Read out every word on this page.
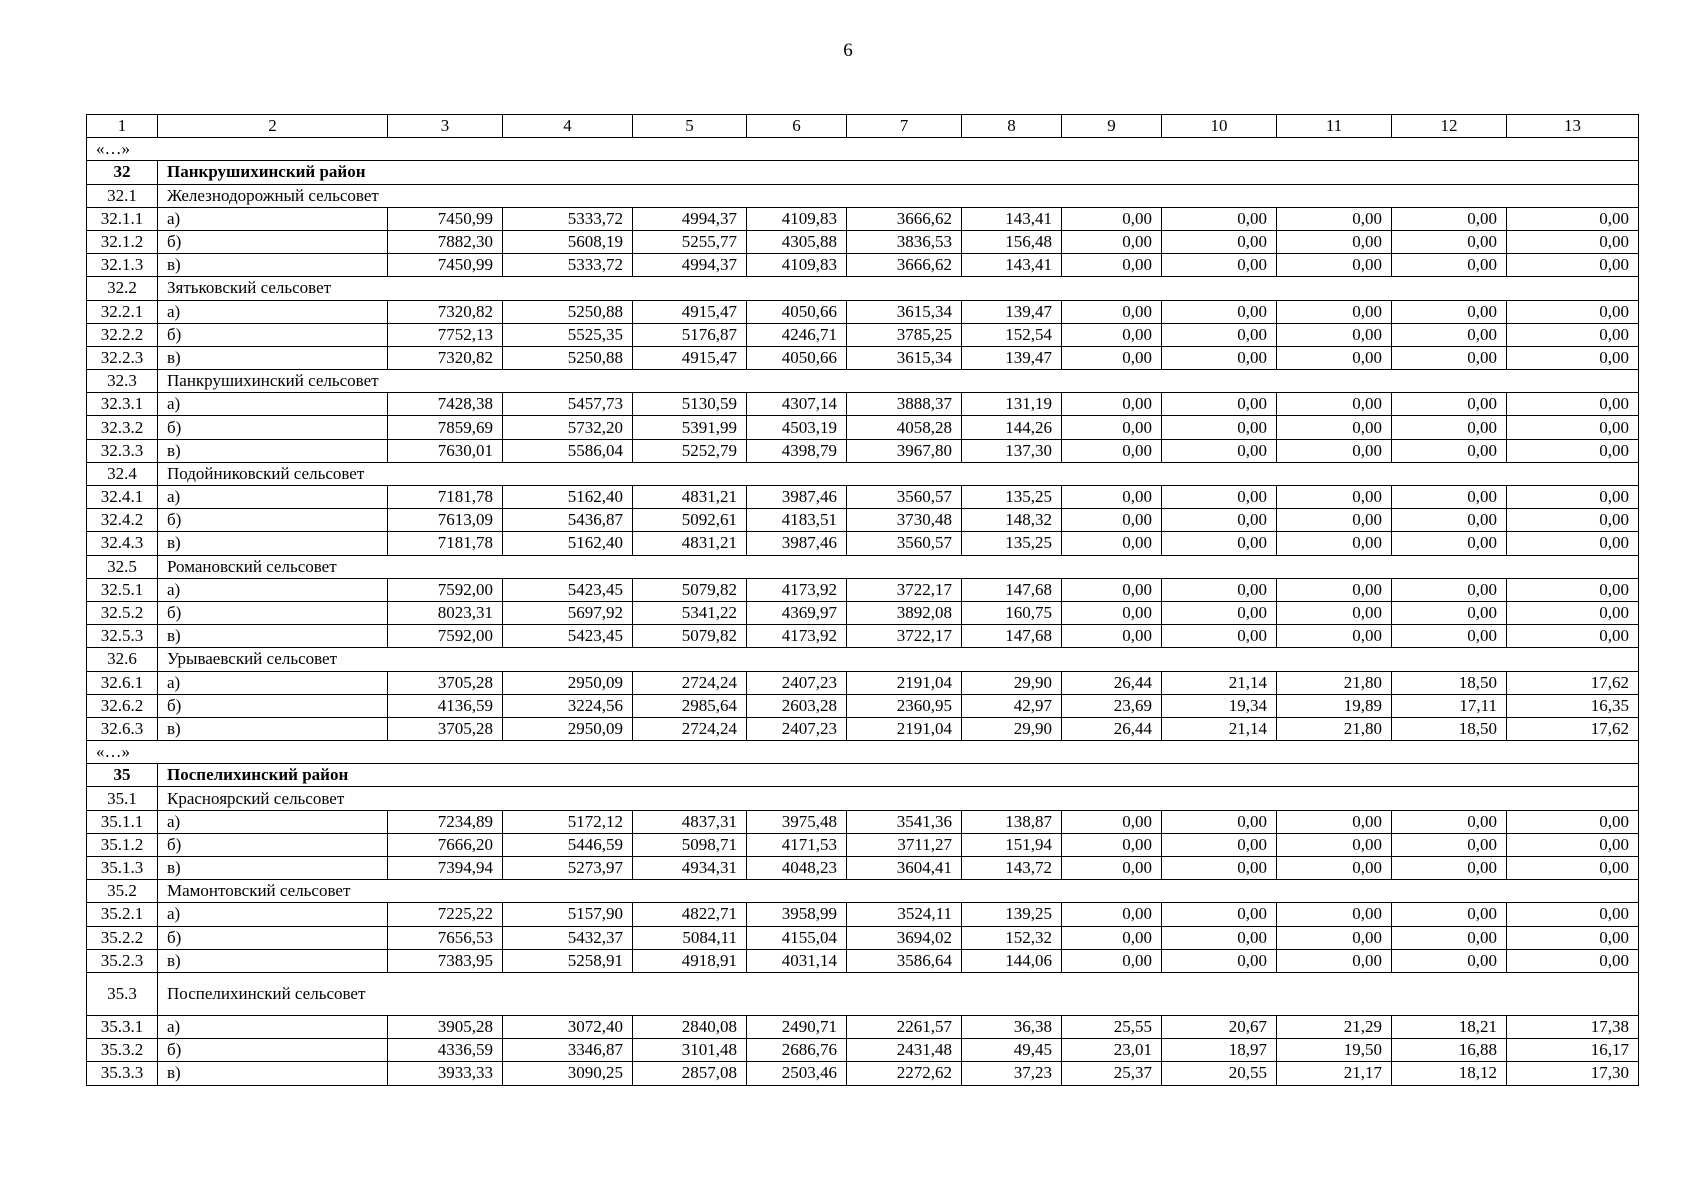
6
1	2	3	4	5	6	7	8	9	10	11	12	13
«…»												
32	Панкрушихинский район											
32.1	Железнодорожный сельсовет											
32.1.1	а)	7450,99	5333,72	4994,37	4109,83	3666,62	143,41	0,00	0,00	0,00	0,00	0,00
32.1.2	б)	7882,30	5608,19	5255,77	4305,88	3836,53	156,48	0,00	0,00	0,00	0,00	0,00
32.1.3	в)	7450,99	5333,72	4994,37	4109,83	3666,62	143,41	0,00	0,00	0,00	0,00	0,00
32.2	Зятьковский сельсовет											
32.2.1	а)	7320,82	5250,88	4915,47	4050,66	3615,34	139,47	0,00	0,00	0,00	0,00	0,00
32.2.2	б)	7752,13	5525,35	5176,87	4246,71	3785,25	152,54	0,00	0,00	0,00	0,00	0,00
32.2.3	в)	7320,82	5250,88	4915,47	4050,66	3615,34	139,47	0,00	0,00	0,00	0,00	0,00
32.3	Панкрушихинский сельсовет											
32.3.1	а)	7428,38	5457,73	5130,59	4307,14	3888,37	131,19	0,00	0,00	0,00	0,00	0,00
32.3.2	б)	7859,69	5732,20	5391,99	4503,19	4058,28	144,26	0,00	0,00	0,00	0,00	0,00
32.3.3	в)	7630,01	5586,04	5252,79	4398,79	3967,80	137,30	0,00	0,00	0,00	0,00	0,00
32.4	Подойниковский сельсовет											
32.4.1	а)	7181,78	5162,40	4831,21	3987,46	3560,57	135,25	0,00	0,00	0,00	0,00	0,00
32.4.2	б)	7613,09	5436,87	5092,61	4183,51	3730,48	148,32	0,00	0,00	0,00	0,00	0,00
32.4.3	в)	7181,78	5162,40	4831,21	3987,46	3560,57	135,25	0,00	0,00	0,00	0,00	0,00
32.5	Романовский сельсовет											
32.5.1	а)	7592,00	5423,45	5079,82	4173,92	3722,17	147,68	0,00	0,00	0,00	0,00	0,00
32.5.2	б)	8023,31	5697,92	5341,22	4369,97	3892,08	160,75	0,00	0,00	0,00	0,00	0,00
32.5.3	в)	7592,00	5423,45	5079,82	4173,92	3722,17	147,68	0,00	0,00	0,00	0,00	0,00
32.6	Урываевский сельсовет											
32.6.1	а)	3705,28	2950,09	2724,24	2407,23	2191,04	29,90	26,44	21,14	21,80	18,50	17,62
32.6.2	б)	4136,59	3224,56	2985,64	2603,28	2360,95	42,97	23,69	19,34	19,89	17,11	16,35
32.6.3	в)	3705,28	2950,09	2724,24	2407,23	2191,04	29,90	26,44	21,14	21,80	18,50	17,62
«…»												
35	Поспелихинский район											
35.1	Красноярский сельсовет											
35.1.1	а)	7234,89	5172,12	4837,31	3975,48	3541,36	138,87	0,00	0,00	0,00	0,00	0,00
35.1.2	б)	7666,20	5446,59	5098,71	4171,53	3711,27	151,94	0,00	0,00	0,00	0,00	0,00
35.1.3	в)	7394,94	5273,97	4934,31	4048,23	3604,41	143,72	0,00	0,00	0,00	0,00	0,00
35.2	Мамонтовский сельсовет											
35.2.1	а)	7225,22	5157,90	4822,71	3958,99	3524,11	139,25	0,00	0,00	0,00	0,00	0,00
35.2.2	б)	7656,53	5432,37	5084,11	4155,04	3694,02	152,32	0,00	0,00	0,00	0,00	0,00
35.2.3	в)	7383,95	5258,91	4918,91	4031,14	3586,64	144,06	0,00	0,00	0,00	0,00	0,00
35.3	Поспелихинский сельсовет											
35.3.1	а)	3905,28	3072,40	2840,08	2490,71	2261,57	36,38	25,55	20,67	21,29	18,21	17,38
35.3.2	б)	4336,59	3346,87	3101,48	2686,76	2431,48	49,45	23,01	18,97	19,50	16,88	16,17
35.3.3	в)	3933,33	3090,25	2857,08	2503,46	2272,62	37,23	25,37	20,55	21,17	18,12	17,30
